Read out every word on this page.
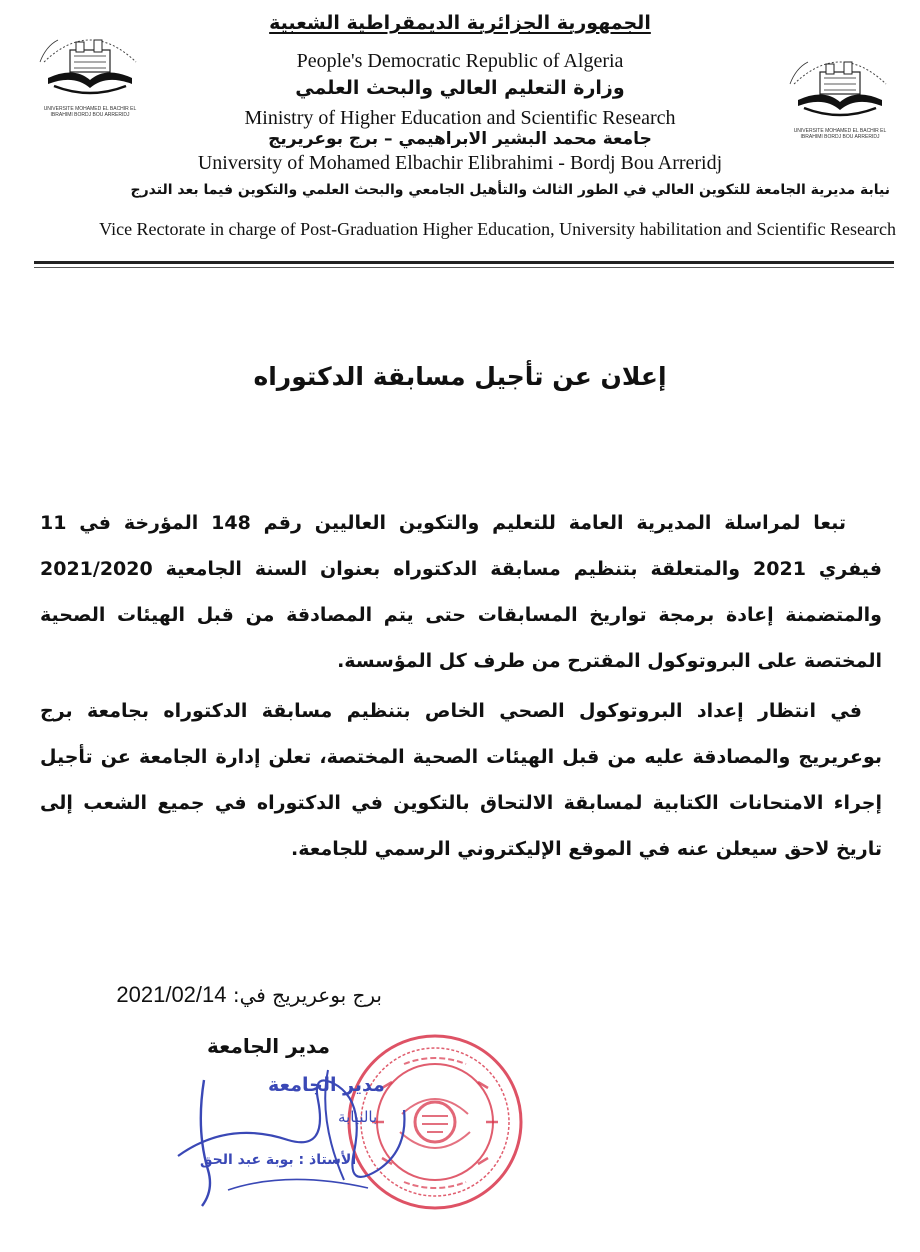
UNIVERSITE MOHAMED EL BACHIR EL IBRAHIMI BORDJ BOU ARRERIDJ
UNIVERSITE MOHAMED EL BACHIR EL IBRAHIMI BORDJ BOU ARRERIDJ
الجمهورية الجزائرية الديمقراطية الشعبية
People's Democratic Republic of Algeria
وزارة التعليم العالي والبحث العلمي
Ministry of Higher Education and Scientific Research
جامعة محمد البشير الابراهيمي – برج بوعريريج
University of Mohamed Elbachir Elibrahimi - Bordj Bou Arreridj
نيابة مديرية الجامعة للتكوين العالي في الطور الثالث والتأهيل الجامعي والبحث العلمي والتكوين فيما بعد التدرج
Vice Rectorate in charge of Post-Graduation Higher Education, University habilitation and Scientific Research
إعلان عن تأجيل مسابقة الدكتوراه

تبعا لمراسلة المديرية العامة للتعليم والتكوين العاليين رقم 148 المؤرخة في 11 فيفري 2021 والمتعلقة بتنظيم مسابقة الدكتوراه بعنوان السنة الجامعية 2021/2020 والمتضمنة إعادة برمجة تواريخ المسابقات حتى يتم المصادقة من قبل الهيئات الصحية المختصة على البروتوكول المقترح من طرف كل المؤسسة.

في انتظار إعداد البروتوكول الصحي الخاص بتنظيم مسابقة الدكتوراه بجامعة برج بوعريريج والمصادقة عليه من قبل الهيئات الصحية المختصة، تعلن إدارة الجامعة عن تأجيل إجراء الامتحانات الكتابية لمسابقة الالتحاق بالتكوين في الدكتوراه في جميع الشعب إلى تاريخ لاحق سيعلن عنه في الموقع الإليكتروني الرسمي للجامعة.

برج بوعريريج في: 2021/02/14
مدير الجامعة
مدير الجامعة
بالنيابة
الأستاذ : بوبة عبد الحق
